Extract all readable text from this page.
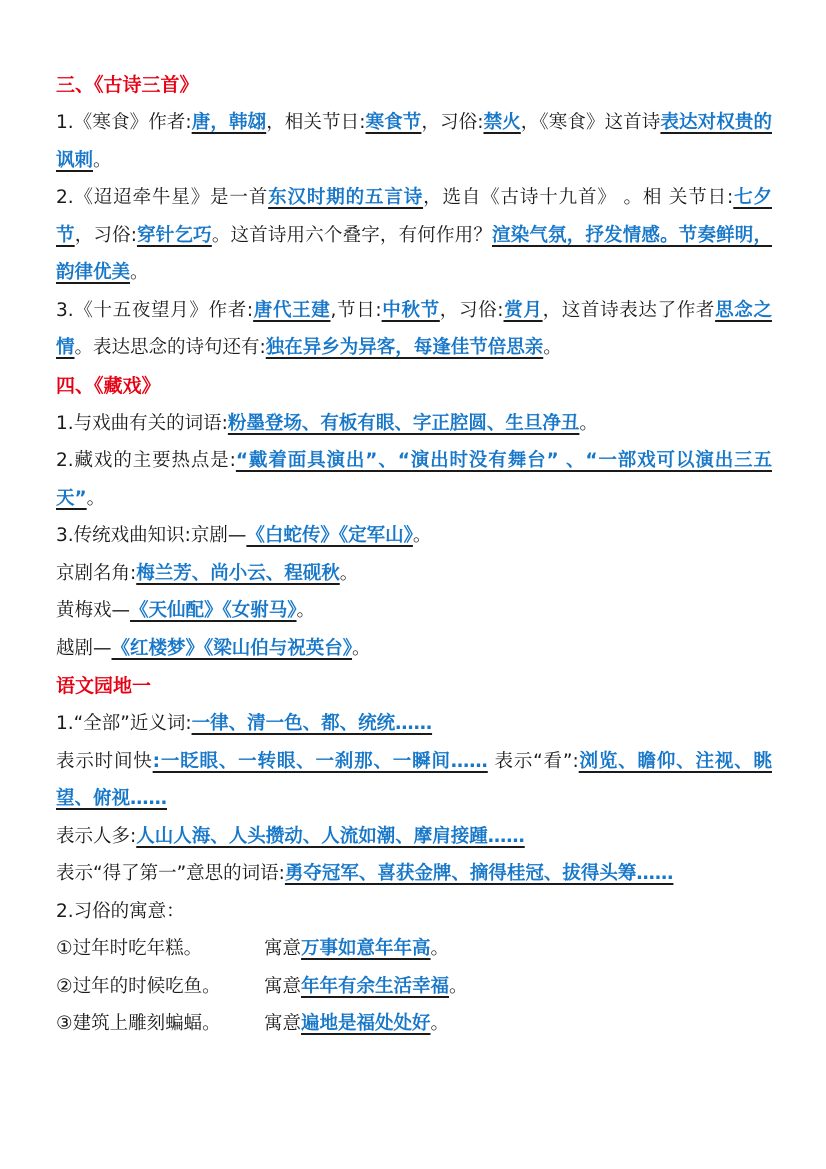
三、《古诗三首》
1.《寒食》作者:唐，韩翃，相关节日:寒食节，习俗:禁火，《寒食》这首诗表达对权贵的讽刺。
2.《迢迢牵牛星》是一首东汉时期的五言诗，选自《古诗十九首》 。相 关节日:七夕节，习俗:穿针乞巧。这首诗用六个叠字，有何作用？渲染气氛，抒发情感。节奏鲜明，韵律优美。
3.《十五夜望月》作者:唐代王建,节日:中秋节，习俗:赏月，这首诗表达了作者思念之情。表达思念的诗句还有:独在异乡为异客，每逢佳节倍思亲。
四、《藏戏》
1.与戏曲有关的词语:粉墨登场、有板有眼、字正腔圆、生旦净丑。
2.藏戏的主要热点是:“戴着面具演出”、“演出时没有舞台” 、“一部戏可以演出三五天”。
3.传统戏曲知识:京剧—《白蛇传》《定军山》。
京剧名角:梅兰芳、尚小云、程砚秋。
黄梅戏—《天仙配》《女驸马》。
越剧—《红楼梦》《梁山伯与祝英台》。
语文园地一
1.“全部”近义词:一律、清一色、都、统统……
表示时间快:一眨眼、一转眼、一刹那、一瞬间…… 表示“看”:浏览、瞻仰、注视、眺望、俯视……
表示人多:人山人海、人头攒动、人流如潮、摩肩接踵……
表示“得了第一”意思的词语:勇夺冠军、喜获金牌、摘得桂冠、拔得头筹……
2.习俗的寓意：
①过年时吃年糕。	寓意 万事如意年年高 。
②过年的时候吃鱼。	寓意 年年有余生活幸福 。
③建筑上雕刻蝙蝠。	寓意 遍地是福处处好 。
